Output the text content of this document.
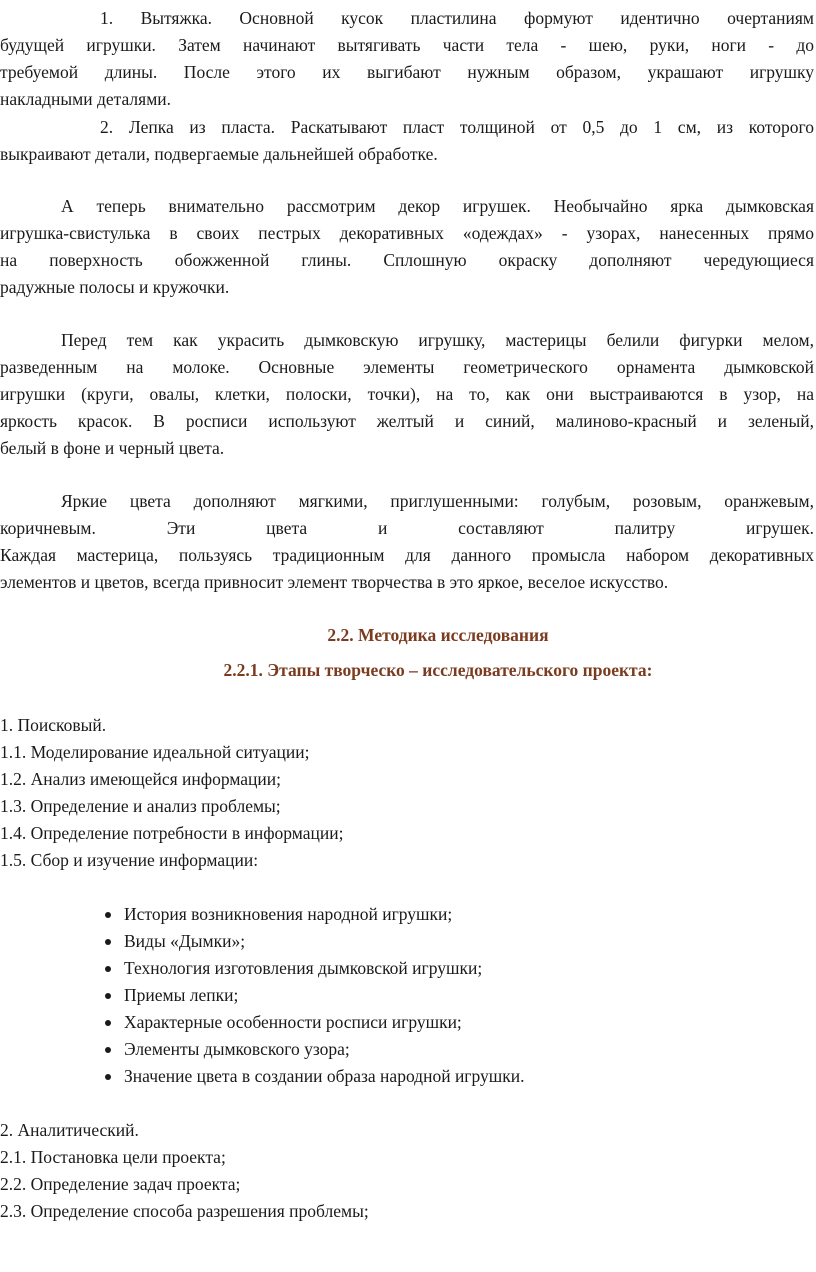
1. Вытяжка. Основной кусок пластилина формуют идентично очертаниям
будущей игрушки. Затем начинают вытягивать части тела - шею, руки, ноги - до
требуемой длины. После этого их выгибают нужным образом, украшают игрушку
накладными деталями.
2. Лепка из пласта. Раскатывают пласт толщиной от 0,5 до 1 см, из которого
выкраивают детали, подвергаемые дальнейшей обработке.
А теперь внимательно рассмотрим декор игрушек. Необычайно ярка дымковская
игрушка-свистулька в своих пестрых декоративных «одеждах» - узорах, нанесенных прямо
на поверхность обожженной глины. Сплошную окраску дополняют чередующиеся
радужные полосы и кружочки.
Перед тем как украсить дымковскую игрушку, мастерицы белили фигурки мелом,
разведенным на молоке. Основные элементы геометрического орнамента дымковской
игрушки (круги, овалы, клетки, полоски, точки), на то, как они выстраиваются в узор, на
яркость красок. В росписи используют желтый и синий, малиново-красный и зеленый,
белый в фоне и черный цвета.
Яркие цвета дополняют мягкими, приглушенными: голубым, розовым, оранжевым,
коричневым. Эти цвета и составляют палитру игрушек.
Каждая мастерица, пользуясь традиционным для данного промысла набором декоративных
элементов и цветов, всегда привносит элемент творчества в это яркое, веселое искусство.
2.2. Методика исследования
2.2.1. Этапы творческо – исследовательского проекта:
1. Поисковый.
1.1. Моделирование идеальной ситуации;
1.2. Анализ имеющейся информации;
1.3. Определение и анализ проблемы;
1.4. Определение потребности в информации;
1.5. Сбор и изучение информации:
История возникновения народной игрушки;
Виды «Дымки»;
Технология изготовления дымковской игрушки;
Приемы лепки;
Характерные особенности росписи игрушки;
Элементы дымковского узора;
Значение цвета в создании образа народной игрушки.
2. Аналитический.
2.1. Постановка цели проекта;
2.2. Определение задач проекта;
2.3. Определение способа разрешения проблемы;
